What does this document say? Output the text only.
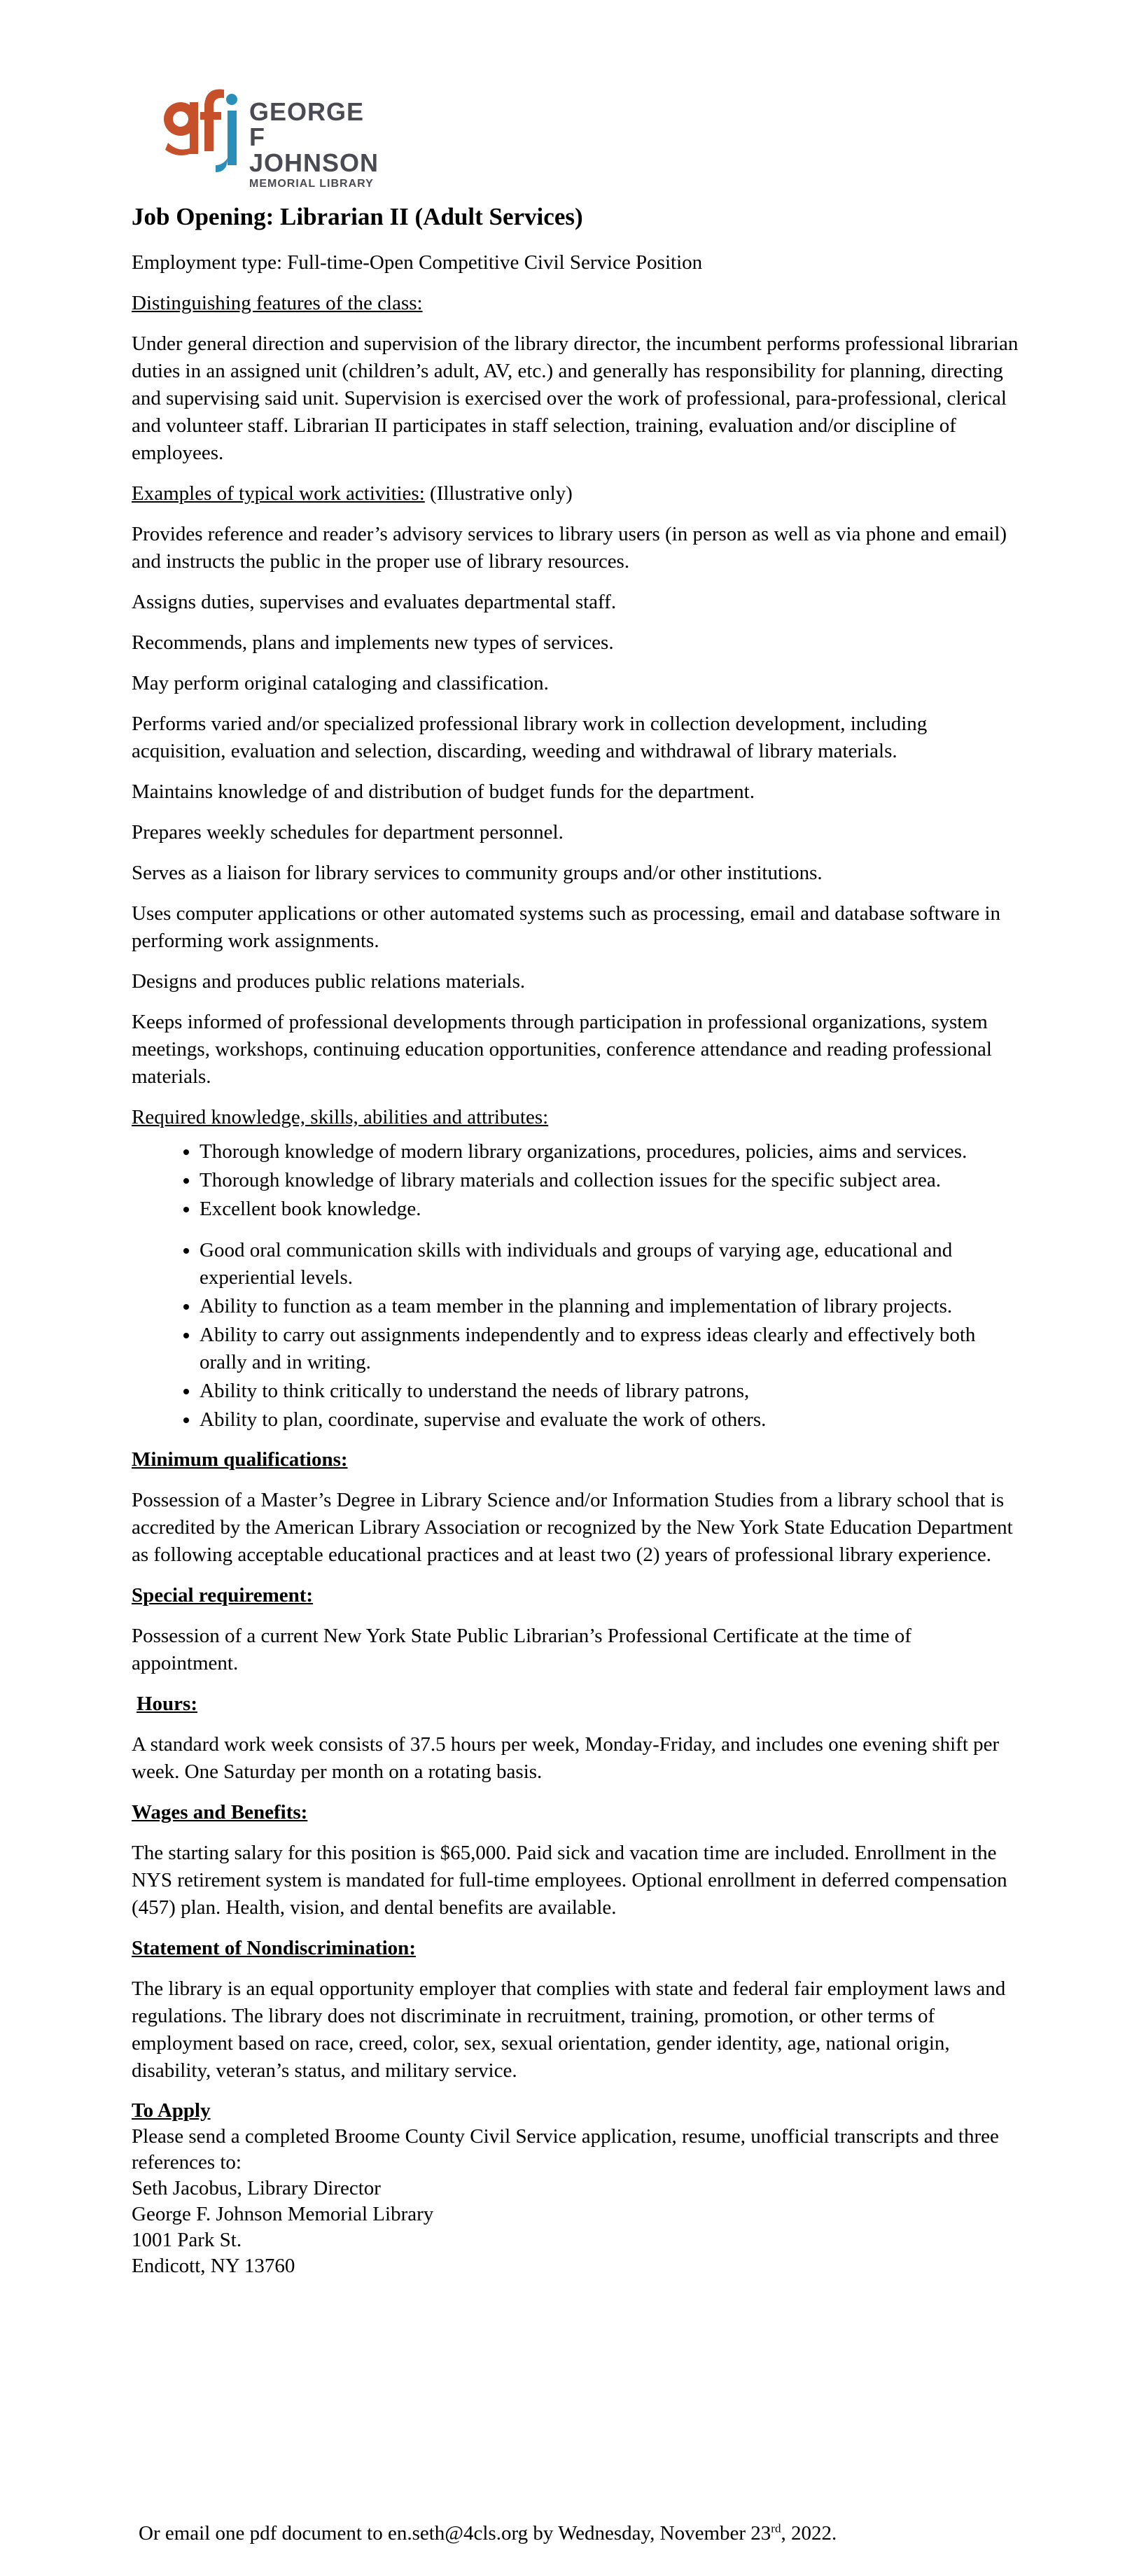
GEORGE F
JOHNSON
MEMORIAL LIBRARY
Job Opening: Librarian II (Adult Services)

Employment type: Full-time-Open Competitive Civil Service Position

Distinguishing features of the class:

Under general direction and supervision of the library director, the incumbent performs professional librarian duties in an assigned unit (children’s adult, AV, etc.) and generally has responsibility for planning, directing and supervising said unit. Supervision is exercised over the work of professional, para-professional, clerical and volunteer staff. Librarian II participates in staff selection, training, evaluation and/or discipline of employees.

Examples of typical work activities: (Illustrative only)

Provides reference and reader’s advisory services to library users (in person as well as via phone and email) and instructs the public in the proper use of library resources.

Assigns duties, supervises and evaluates departmental staff.

Recommends, plans and implements new types of services.

May perform original cataloging and classification.

Performs varied and/or specialized professional library work in collection development, including acquisition, evaluation and selection, discarding, weeding and withdrawal of library materials.

Maintains knowledge of and distribution of budget funds for the department.

Prepares weekly schedules for department personnel.

Serves as a liaison for library services to community groups and/or other institutions.

Uses computer applications or other automated systems such as processing, email and database software in performing work assignments.

Designs and produces public relations materials.

Keeps informed of professional developments through participation in professional organizations, system meetings, workshops, continuing education opportunities, conference attendance and reading professional materials.

Required knowledge, skills, abilities and attributes:

• Thorough knowledge of modern library organizations, procedures, policies, aims and services.
• Thorough knowledge of library materials and collection issues for the specific subject area.
• Excellent book knowledge.
• Good oral communication skills with individuals and groups of varying age, educational and experiential levels.
• Ability to function as a team member in the planning and implementation of library projects.
• Ability to carry out assignments independently and to express ideas clearly and effectively both orally and in writing.
• Ability to think critically to understand the needs of library patrons,
• Ability to plan, coordinate, supervise and evaluate the work of others.

Minimum qualifications:

Possession of a Master’s Degree in Library Science and/or Information Studies from a library school that is accredited by the American Library Association or recognized by the New York State Education Department as following acceptable educational practices and at least two (2) years of professional library experience.

Special requirement:

Possession of a current New York State Public Librarian’s Professional Certificate at the time of appointment.

Hours:

A standard work week consists of 37.5 hours per week, Monday-Friday, and includes one evening shift per week. One Saturday per month on a rotating basis.

Wages and Benefits:

The starting salary for this position is $65,000. Paid sick and vacation time are included. Enrollment in the NYS retirement system is mandated for full-time employees. Optional enrollment in deferred compensation (457) plan. Health, vision, and dental benefits are available.

Statement of Nondiscrimination:

The library is an equal opportunity employer that complies with state and federal fair employment laws and regulations. The library does not discriminate in recruitment, training, promotion, or other terms of employment based on race, creed, color, sex, sexual orientation, gender identity, age, national origin, disability, veteran’s status, and military service.

To Apply
Please send a completed Broome County Civil Service application, resume, unofficial transcripts and three references to:
Seth Jacobus, Library Director
George F. Johnson Memorial Library
1001 Park St.
Endicott, NY 13760
Or email one pdf document to en.seth@4cls.org by Wednesday, November 23rd, 2022.
